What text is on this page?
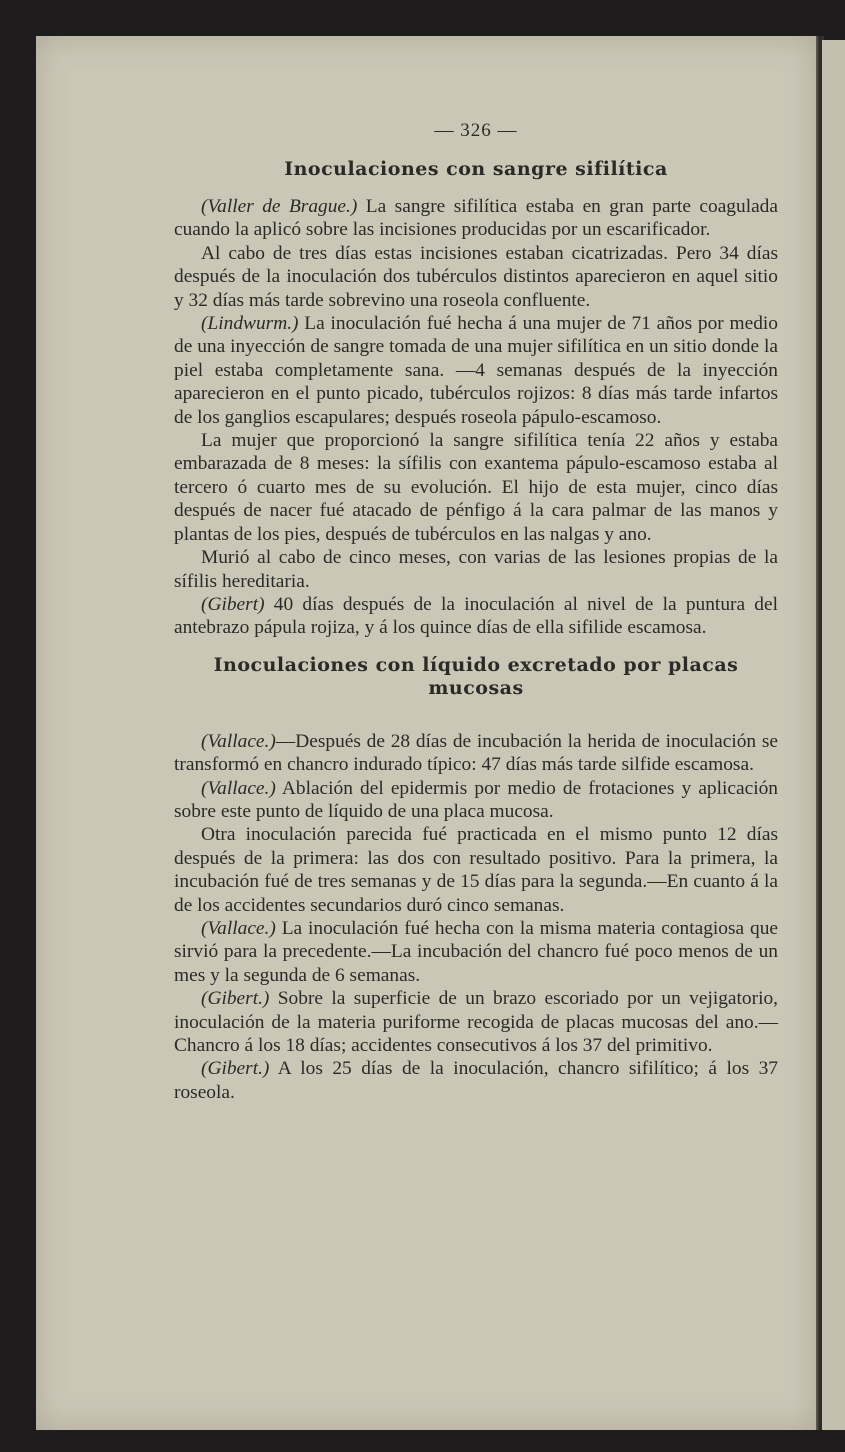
— 326 —
Inoculaciones con sangre sifilítica

(Valler de Brague.) La sangre sifilítica estaba en gran parte coagulada cuando la aplicó sobre las incisiones producidas por un escarificador.

Al cabo de tres días estas incisiones estaban cicatrizadas. Pero 34 días después de la inoculación dos tubérculos distintos aparecieron en aquel sitio y 32 días más tarde sobrevino una roseola confluente.

(Lindwurm.) La inoculación fué hecha á una mujer de 71 años por medio de una inyección de sangre tomada de una mujer sifilítica en un sitio donde la piel estaba completamente sana. —4 semanas después de la inyección aparecieron en el punto picado, tubérculos rojizos: 8 días más tarde infartos de los ganglios escapulares; después roseola pápulo-escamoso.

La mujer que proporcionó la sangre sifilítica tenía 22 años y estaba embarazada de 8 meses: la sífilis con exantema pápulo-escamoso estaba al tercero ó cuarto mes de su evolución. El hijo de esta mujer, cinco días después de nacer fué atacado de pénfigo á la cara palmar de las manos y plantas de los pies, después de tubérculos en las nalgas y ano.

Murió al cabo de cinco meses, con varias de las lesiones propias de la sífilis hereditaria.

(Gibert) 40 días después de la inoculación al nivel de la puntura del antebrazo pápula rojiza, y á los quince días de ella sifilide escamosa.

Inoculaciones con líquido excretado por placas
mucosas

(Vallace.)—Después de 28 días de incubación la herida de inoculación se transformó en chancro indurado típico: 47 días más tarde silfide escamosa.

(Vallace.) Ablación del epidermis por medio de frotaciones y aplicación sobre este punto de líquido de una placa mucosa.

Otra inoculación parecida fué practicada en el mismo punto 12 días después de la primera: las dos con resultado positivo. Para la primera, la incubación fué de tres semanas y de 15 días para la segunda.—En cuanto á la de los accidentes secundarios duró cinco semanas.

(Vallace.) La inoculación fué hecha con la misma materia contagiosa que sirvió para la precedente.—La incubación del chancro fué poco menos de un mes y la segunda de 6 semanas.

(Gibert.) Sobre la superficie de un brazo escoriado por un vejigatorio, inoculación de la materia puriforme recogida de placas mucosas del ano.—Chancro á los 18 días; accidentes consecutivos á los 37 del primitivo.

(Gibert.) A los 25 días de la inoculación, chancro sifilítico; á los 37 roseola.
